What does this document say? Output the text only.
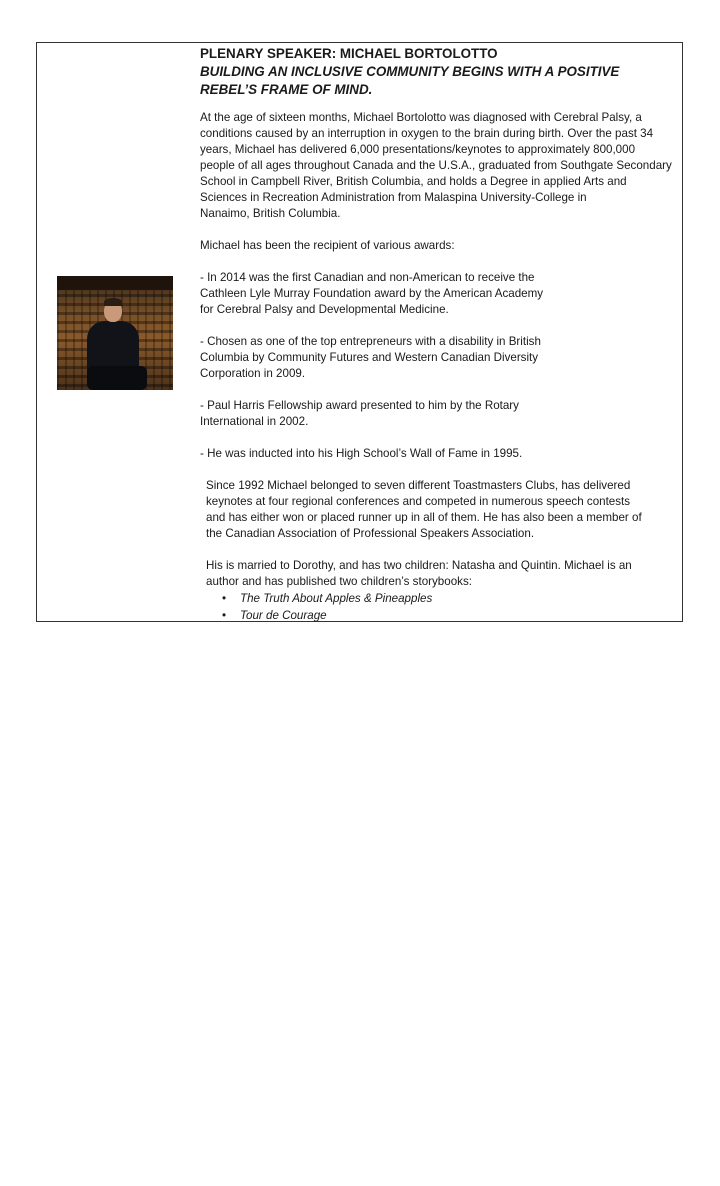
PLENARY SPEAKER: MICHAEL BORTOLOTTO

BUILDING AN INCLUSIVE COMMUNITY BEGINS WITH A POSITIVE
REBEL’S FRAME OF MIND.

At the age of sixteen months, Michael Bortolotto was diagnosed with Cerebral Palsy, a
conditions caused by an interruption in oxygen to the brain during birth. Over the past 34
years, Michael has delivered 6,000 presentations/keynotes to approximately 800,000
people of all ages throughout Canada and the U.S.A., graduated from Southgate Secondary
School in Campbell River, British Columbia, and holds a Degree in applied Arts and
Sciences in Recreation Administration from Malaspina University-College in
Nanaimo, British Columbia.

Michael has been the recipient of various awards:

- In 2014 was the first Canadian and non-American to receive the
Cathleen Lyle Murray Foundation award by the American Academy
for Cerebral Palsy and Developmental Medicine.

- Chosen as one of the top entrepreneurs with a disability in British
Columbia by Community Futures and Western Canadian Diversity
Corporation in 2009.

- Paul Harris Fellowship award presented to him by the Rotary
International in 2002.

- He was inducted into his High School’s Wall of Fame in 1995.

Since 1992 Michael belonged to seven different Toastmasters Clubs, has delivered
keynotes at four regional conferences and competed in numerous speech contests
and has either won or placed runner up in all of them. He has also been a member of
the Canadian Association of Professional Speakers Association.

His is married to Dorothy, and has two children: Natasha and Quintin. Michael is an
author and has published two children’s storybooks:

• The Truth About Apples & Pineapples
• Tour de Courage
